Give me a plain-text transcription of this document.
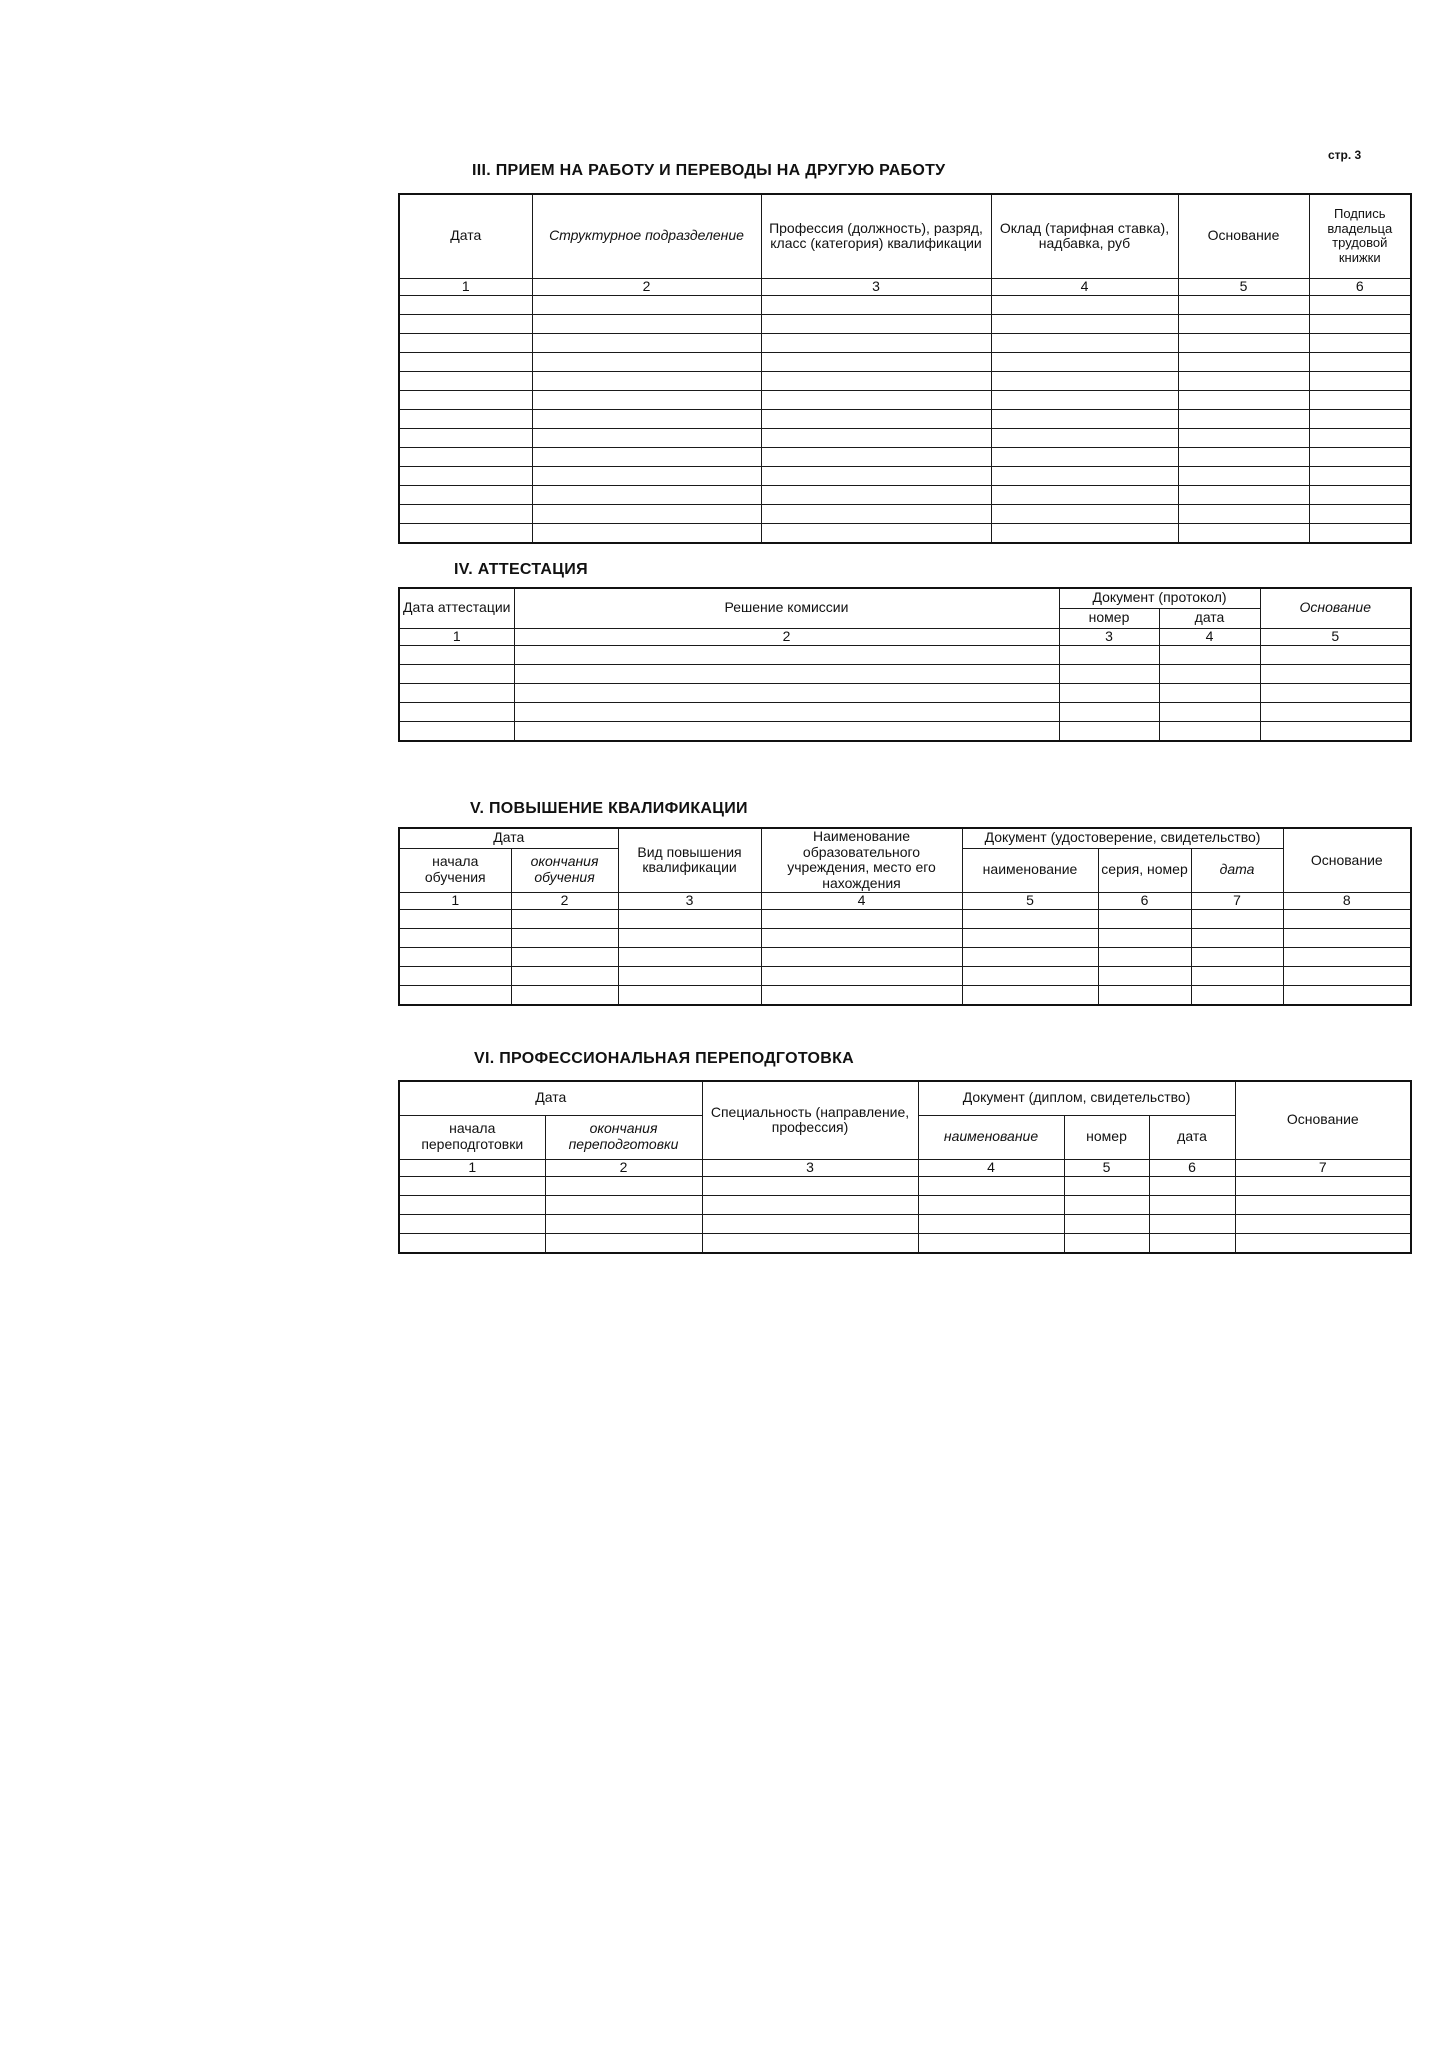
стр. 3
III. ПРИЕМ НА РАБОТУ И ПЕРЕВОДЫ НА ДРУГУЮ РАБОТУ
Дата	Структурное подразделение	Профессия (должность), разряд, класс (категория) квалификации	Оклад (тарифная ставка), надбавка, руб	Основание	Подпись владельца трудовой книжки
1	2	3	4	5	6

IV. АТТЕСТАЦИЯ
Дата аттестации	Решение комиссии	Документ (протокол)		Основание
		номер	дата	
1	2	3	4	5

V. ПОВЫШЕНИЕ КВАЛИФИКАЦИИ
Дата		Вид повышения квалификации	Наименование образовательного учреждения, место его нахождения	Документ (удостоверение, свидетельство)			Основание
начала обучения	окончания обучения			наименование	серия, номер	дата	

1	2	3	4	5	6	7	8

VI. ПРОФЕССИОНАЛЬНАЯ ПЕРЕПОДГОТОВКА
Дата		Специальность (направление, профессия)	Документ (диплом, свидетельство)			Основание
начала переподготовки	окончания переподготовки		наименование	номер	дата	
1	2	3	4	5	6	7
